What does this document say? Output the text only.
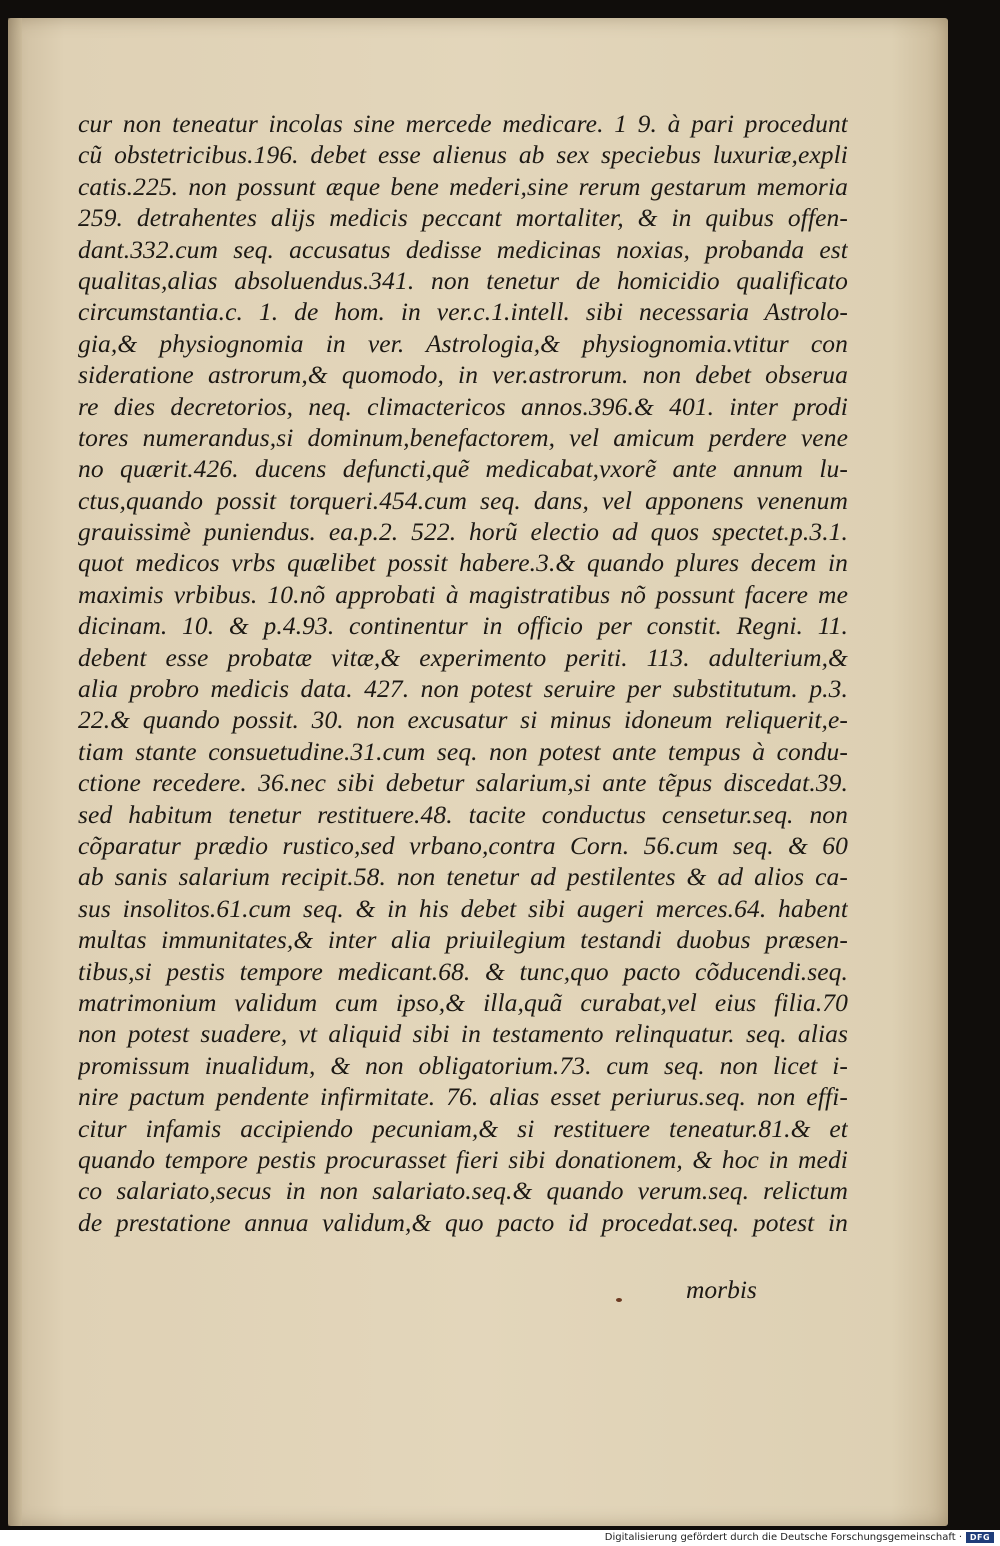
cur non teneatur incolas sine mercede medicare. 1 9. à pari procedunt
cũ obstetricibus.196. debet esse alienus ab sex speciebus luxuriæ,expli
catis.225. non possunt æque bene mederi,sine rerum gestarum memoria
259. detrahentes alijs medicis peccant mortaliter, & in quibus offen-
dant.332.cum seq. accusatus dedisse medicinas noxias, probanda est
qualitas,alias absoluendus.341. non tenetur de homicidio qualificato
circumstantia.c. 1. de hom. in ver.c.1.intell. sibi necessaria Astrolo-
gia,& physiognomia in ver. Astrologia,& physiognomia.vtitur con
sideratione astrorum,& quomodo, in ver.astrorum. non debet obserua
re dies decretorios, neq. climactericos annos.396.& 401. inter prodi
tores numerandus,si dominum,benefactorem, vel amicum perdere vene
no quærit.426. ducens defuncti,quẽ medicabat,vxorẽ ante annum lu-
ctus,quando possit torqueri.454.cum seq. dans, vel apponens venenum
grauissimè puniendus. ea.p.2. 522. horũ electio ad quos spectet.p.3.1.
quot medicos vrbs quælibet possit habere.3.& quando plures decem in
maximis vrbibus. 10.nõ approbati à magistratibus nõ possunt facere me
dicinam. 10. & p.4.93. continentur in officio per constit. Regni. 11.
debent esse probatæ vitæ,& experimento periti. 113. adulterium,&
alia probro medicis data. 427. non potest seruire per substitutum. p.3.
22.& quando possit. 30. non excusatur si minus idoneum reliquerit,e-
tiam stante consuetudine.31.cum seq. non potest ante tempus à condu-
ctione recedere. 36.nec sibi debetur salarium,si ante tẽpus discedat.39.
sed habitum tenetur restituere.48. tacite conductus censetur.seq. non
cõparatur prædio rustico,sed vrbano,contra Corn. 56.cum seq. & 60
ab sanis salarium recipit.58. non tenetur ad pestilentes & ad alios ca-
sus insolitos.61.cum seq. & in his debet sibi augeri merces.64. habent
multas immunitates,& inter alia priuilegium testandi duobus præsen-
tibus,si pestis tempore medicant.68. & tunc,quo pacto cõducendi.seq.
matrimonium validum cum ipso,& illa,quã curabat,vel eius filia.70
non potest suadere, vt aliquid sibi in testamento relinquatur. seq. alias
promissum inualidum, & non obligatorium.73. cum seq. non licet i-
nire pactum pendente infirmitate. 76. alias esset periurus.seq. non effi-
citur infamis accipiendo pecuniam,& si restituere teneatur.81.& et
quando tempore pestis procurasset fieri sibi donationem, & hoc in medi
co salariato,secus in non salariato.seq.& quando verum.seq. relictum
de prestatione annua validum,& quo pacto id procedat.seq. potest in
morbis
Digitalisierung gefördert durch die Deutsche Forschungsgemeinschaft · DFG
